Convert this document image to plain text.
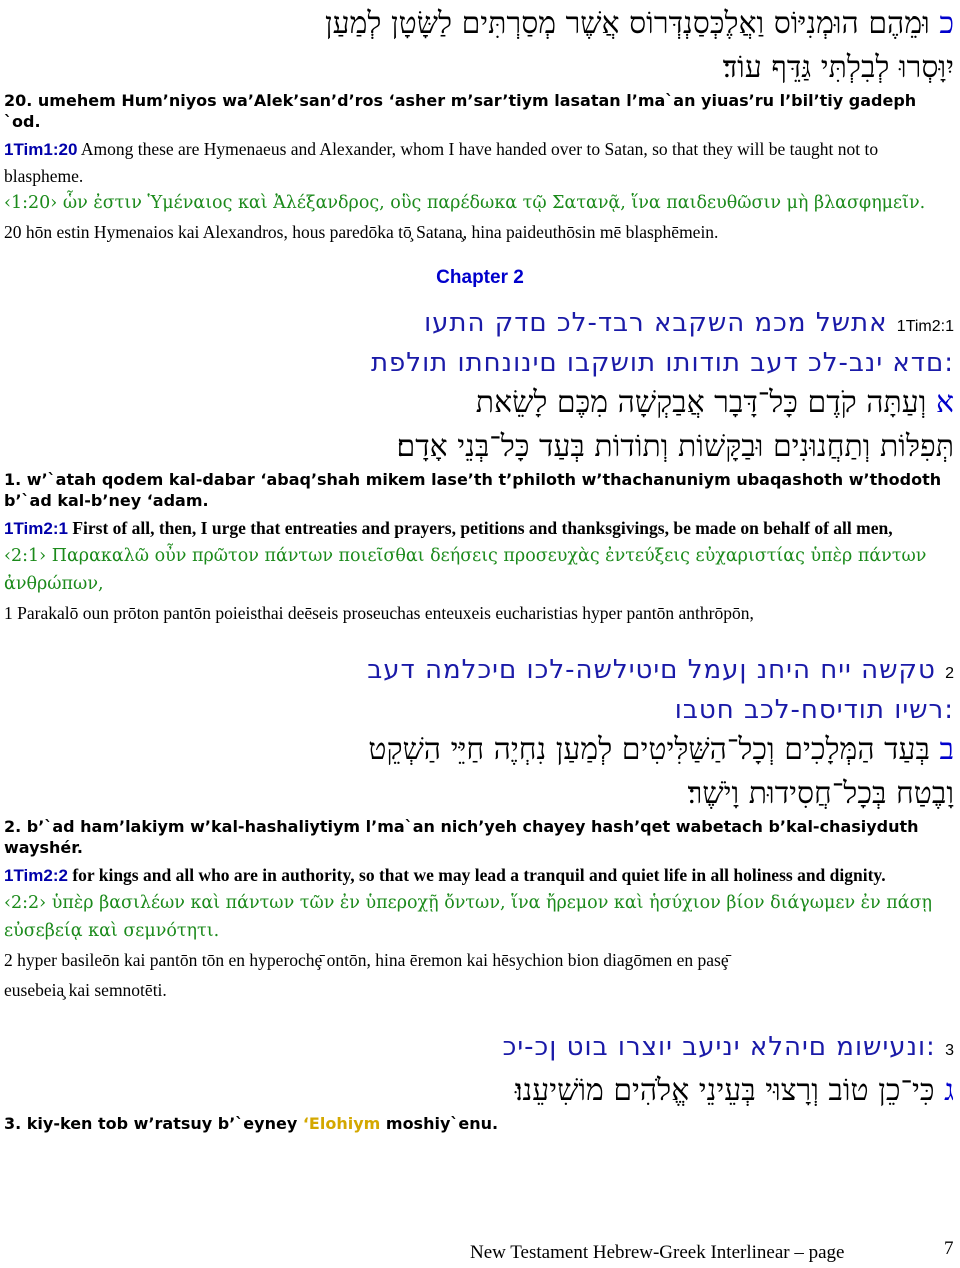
כ וּמֵהֶם הוּמְנִיּוֹס וַאֲלֶכְּסַנְדְּרוֹס אֲשֶׁר מְסַרְתִּים לַשָּׂטָן לְמַעַן
יִוָּסְרוּ לְבִלְתִּי גַּדֵּף עוֹד׃
20. umehem Hum’niyos wa’Alek’san’d’ros ‘asher m’sar’tiym lasatan l’ma`an yiuas’ru l’bil’tiy gadeph `od.
1Tim1:20 Among these are Hymenaeus and Alexander, whom I have handed over to Satan, so that they will be taught not to blaspheme.
‹1:20› ὧν ἐστιν Ὑμέναιος καὶ Ἀλέξανδρος, οὓς παρέδωκα τῷ Σατανᾷ, ἵνα παιδευθῶσιν μὴ βλασφημεῖν.
20 hōn estin Hymenaios kai Alexandros, hous paredōka tō̧ Satana̧, hina paideuthōsin mē blasphēmein.
Chapter 2
1Tim2:1 אתשל מכמ השקבא רבד-לכ םדק התעו
:םדא ינב-לכ דעב תודותו תושקבו םינונחתו תולפת
א וְעַתָּה קֹדֶם כָּל־דָּבָר אֲבַקְשָׁה מִכֶּם לָשֵׂאת
תְּפִלּוֹת וְתַחֲנוּנִים וּבַקָּשׁוֹת וְתוֹדוֹת בְּעַד כָּל־בְּנֵי אָדָם׃
1. w’`atah qodem kal-dabar ‘abaq’shah mikem lase’th t’philoth w’thachanuniym ubaqashoth w’thodoth b’`ad kal-b’ney ‘adam.
1Tim2:1 First of all, then, I urge that entreaties and prayers, petitions and thanksgivings, be made on behalf of all men,
‹2:1› Παρακαλῶ οὖν πρῶτον πάντων ποιεῖσθαι δεήσεις προσευχὰς ἐντεύξεις εὐχαριστίας ὑπὲρ πάντων ἀνθρώπων,
1 Parakalō oun prōton pantōn poieisthai deēseis proseuchas enteuxeis eucharistias hyper pantōn anthrōpōn,
2 טקשה ייח היחנ ןעמל םיטילשה-לכו םיכלמה דעב
:רשיו תודיסח-לכב חטבו
ב בְּעַד הַמְּלָכִים וְכָל־הַשַּׁלִּיטִים לְמַעַן נִחְיֶה חַיֵּי הַשְׁקֵט
וָבֶטַח בְּכָל־חֲסִידוּת וָיֹשֶׁר׃
2. b’`ad ham’lakiym w’kal-hashaliytiym l’ma`an nich’yeh chayey hash’qet wabetach b’kal-chasiyduth wayshér.
1Tim2:2 for kings and all who are in authority, so that we may lead a tranquil and quiet life in all holiness and dignity.
‹2:2› ὑπὲρ βασιλέων καὶ πάντων τῶν ἐν ὑπεροχῇ ὄντων, ἵνα ἤρεμον καὶ ἡσύχιον βίον διάγωμεν ἐν πάσῃ εὐσεβείᾳ καὶ σεμνότητι.
2 hyper basileōn kai pantōn tōn en hyperochȩ̄ ontōn, hina ēremon kai hēsychion bion diagōmen en pasȩ̄
eusebeia̧ kai semnotēti.
3 :ונעישומ םיהלא יניעב יוצרו בוט ןכ-יכ
ג כִּי־כֵן טוֹב וְרָצוּי בְּעֵינֵי אֱלֹהִים מוֹשִׁיעֵנוּ׃
3. kiy-ken tob w’ratsuy b’`eyney ‘Elohiym moshiy`enu.
New Testament Hebrew-Greek Interlinear – page	7
